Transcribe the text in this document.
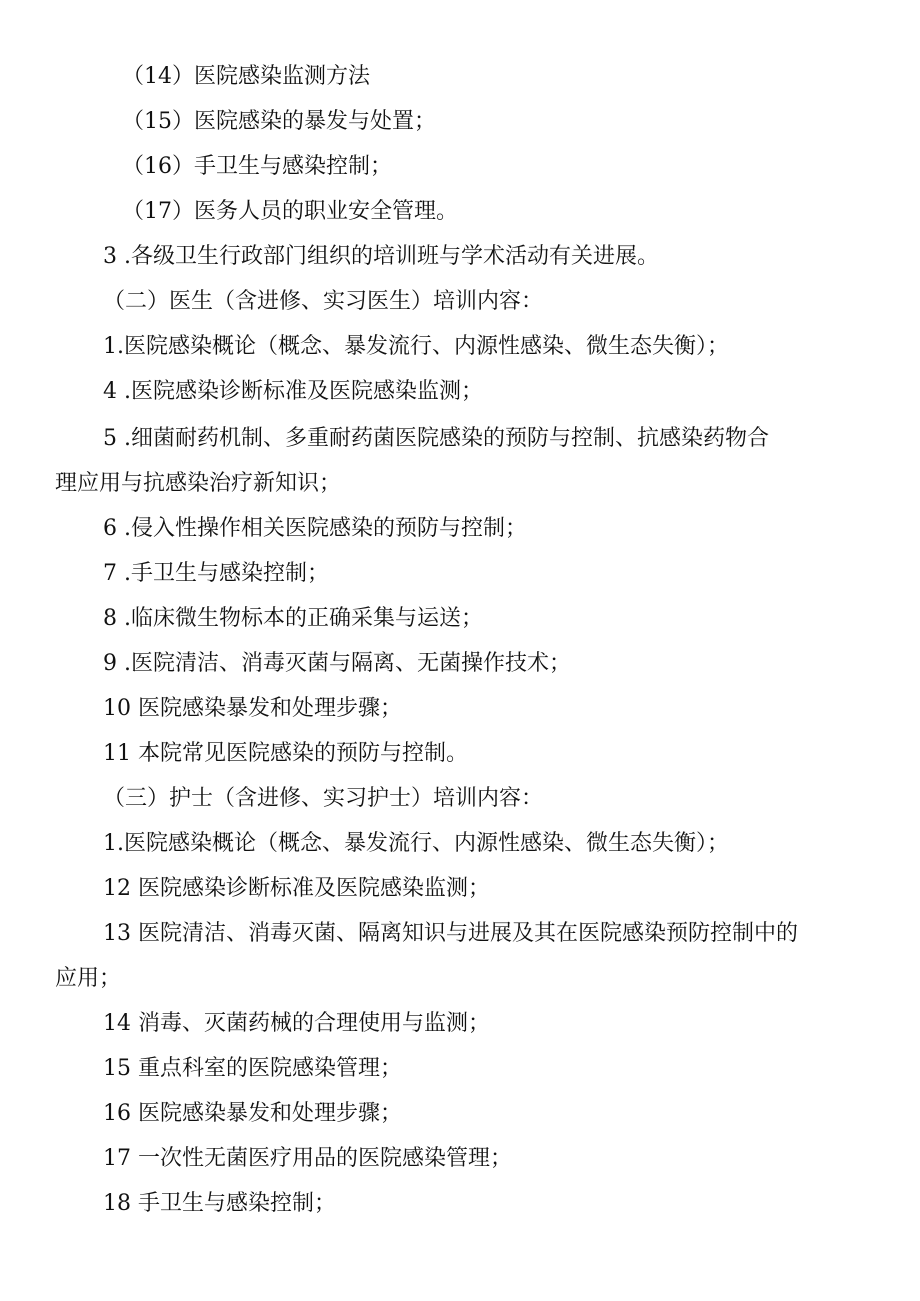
（14）医院感染监测方法
（15）医院感染的暴发与处置；
（16）手卫生与感染控制；
（17）医务人员的职业安全管理。
3 .各级卫生行政部门组织的培训班与学术活动有关进展。
（二）医生（含进修、实习医生）培训内容：
1.医院感染概论（概念、暴发流行、内源性感染、微生态失衡）；
4 .医院感染诊断标准及医院感染监测；
5 .细菌耐药机制、多重耐药菌医院感染的预防与控制、抗感染药物合
理应用与抗感染治疗新知识；
6 .侵入性操作相关医院感染的预防与控制；
7 .手卫生与感染控制；
8 .临床微生物标本的正确采集与运送；
9 .医院清洁、消毒灭菌与隔离、无菌操作技术；
10 医院感染暴发和处理步骤；
11 本院常见医院感染的预防与控制。
（三）护士（含进修、实习护士）培训内容：
1.医院感染概论（概念、暴发流行、内源性感染、微生态失衡）；
12 医院感染诊断标准及医院感染监测；
13 医院清洁、消毒灭菌、隔离知识与进展及其在医院感染预防控制中的
应用；
14 消毒、灭菌药械的合理使用与监测；
15 重点科室的医院感染管理；
16 医院感染暴发和处理步骤；
17 一次性无菌医疗用品的医院感染管理；
18 手卫生与感染控制；
